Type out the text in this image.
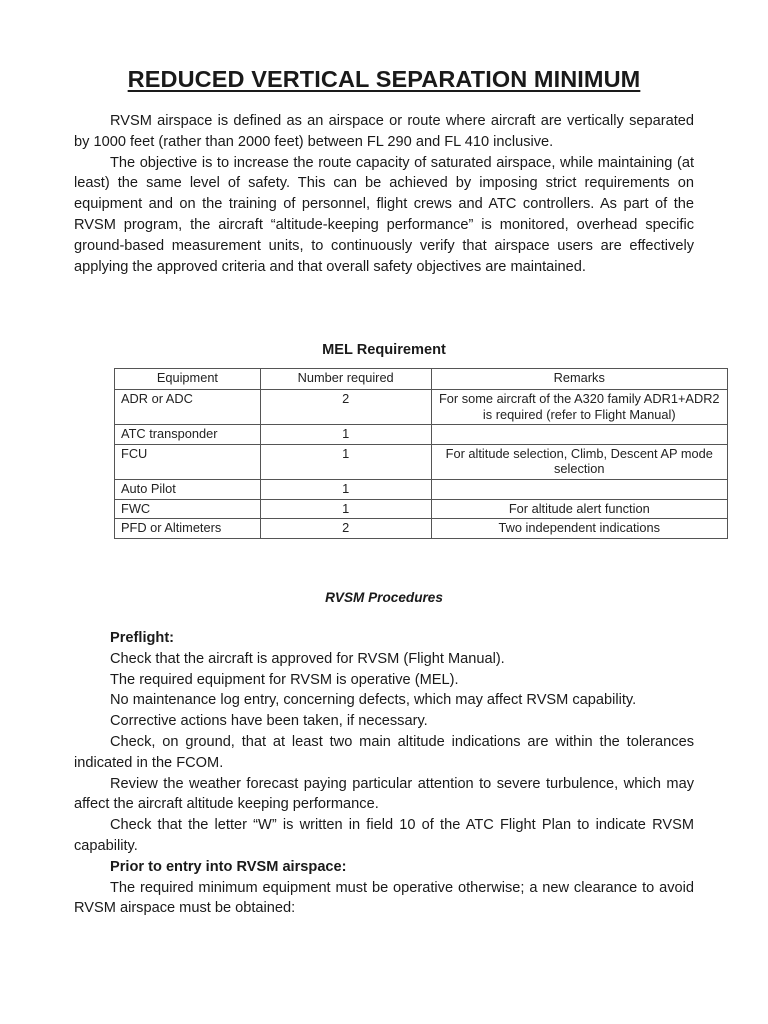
REDUCED VERTICAL SEPARATION MINIMUM

RVSM airspace is defined as an airspace or route where aircraft are vertically separated by 1000 feet (rather than 2000 feet) between FL 290 and FL 410 inclusive.

The objective is to increase the route capacity of saturated airspace, while maintaining (at least) the same level of safety. This can be achieved by imposing strict requirements on equipment and on the training of personnel, flight crews and ATC controllers. As part of the RVSM program, the aircraft “altitude-keeping performance” is monitored, overhead specific ground-based measurement units, to continuously verify that airspace users are effectively applying the approved criteria and that overall safety objectives are maintained.

MEL Requirement
Equipment	Number required	Remarks
ADR or ADC	2	For some aircraft of the A320 family ADR1+ADR2 is required (refer to Flight Manual)
ATC transponder	1	
FCU	1	For altitude selection, Climb, Descent AP mode selection
Auto Pilot	1	
FWC	1	For altitude alert function
PFD or Altimeters	2	Two independent indications
RVSM Procedures

Preflight:

Check that the aircraft is approved for RVSM (Flight Manual).

The required equipment for RVSM is operative (MEL).

No maintenance log entry, concerning defects, which may affect RVSM capability.

Corrective actions have been taken, if necessary.

Check, on ground, that at least two main altitude indications are within the tolerances indicated in the FCOM.

Review the weather forecast paying particular attention to severe turbulence, which may affect the aircraft altitude keeping performance.

Check that the letter “W” is written in field 10 of the ATC Flight Plan to indicate RVSM capability.

Prior to entry into RVSM airspace:

The required minimum equipment must be operative otherwise; a new clearance to avoid RVSM airspace must be obtained:
